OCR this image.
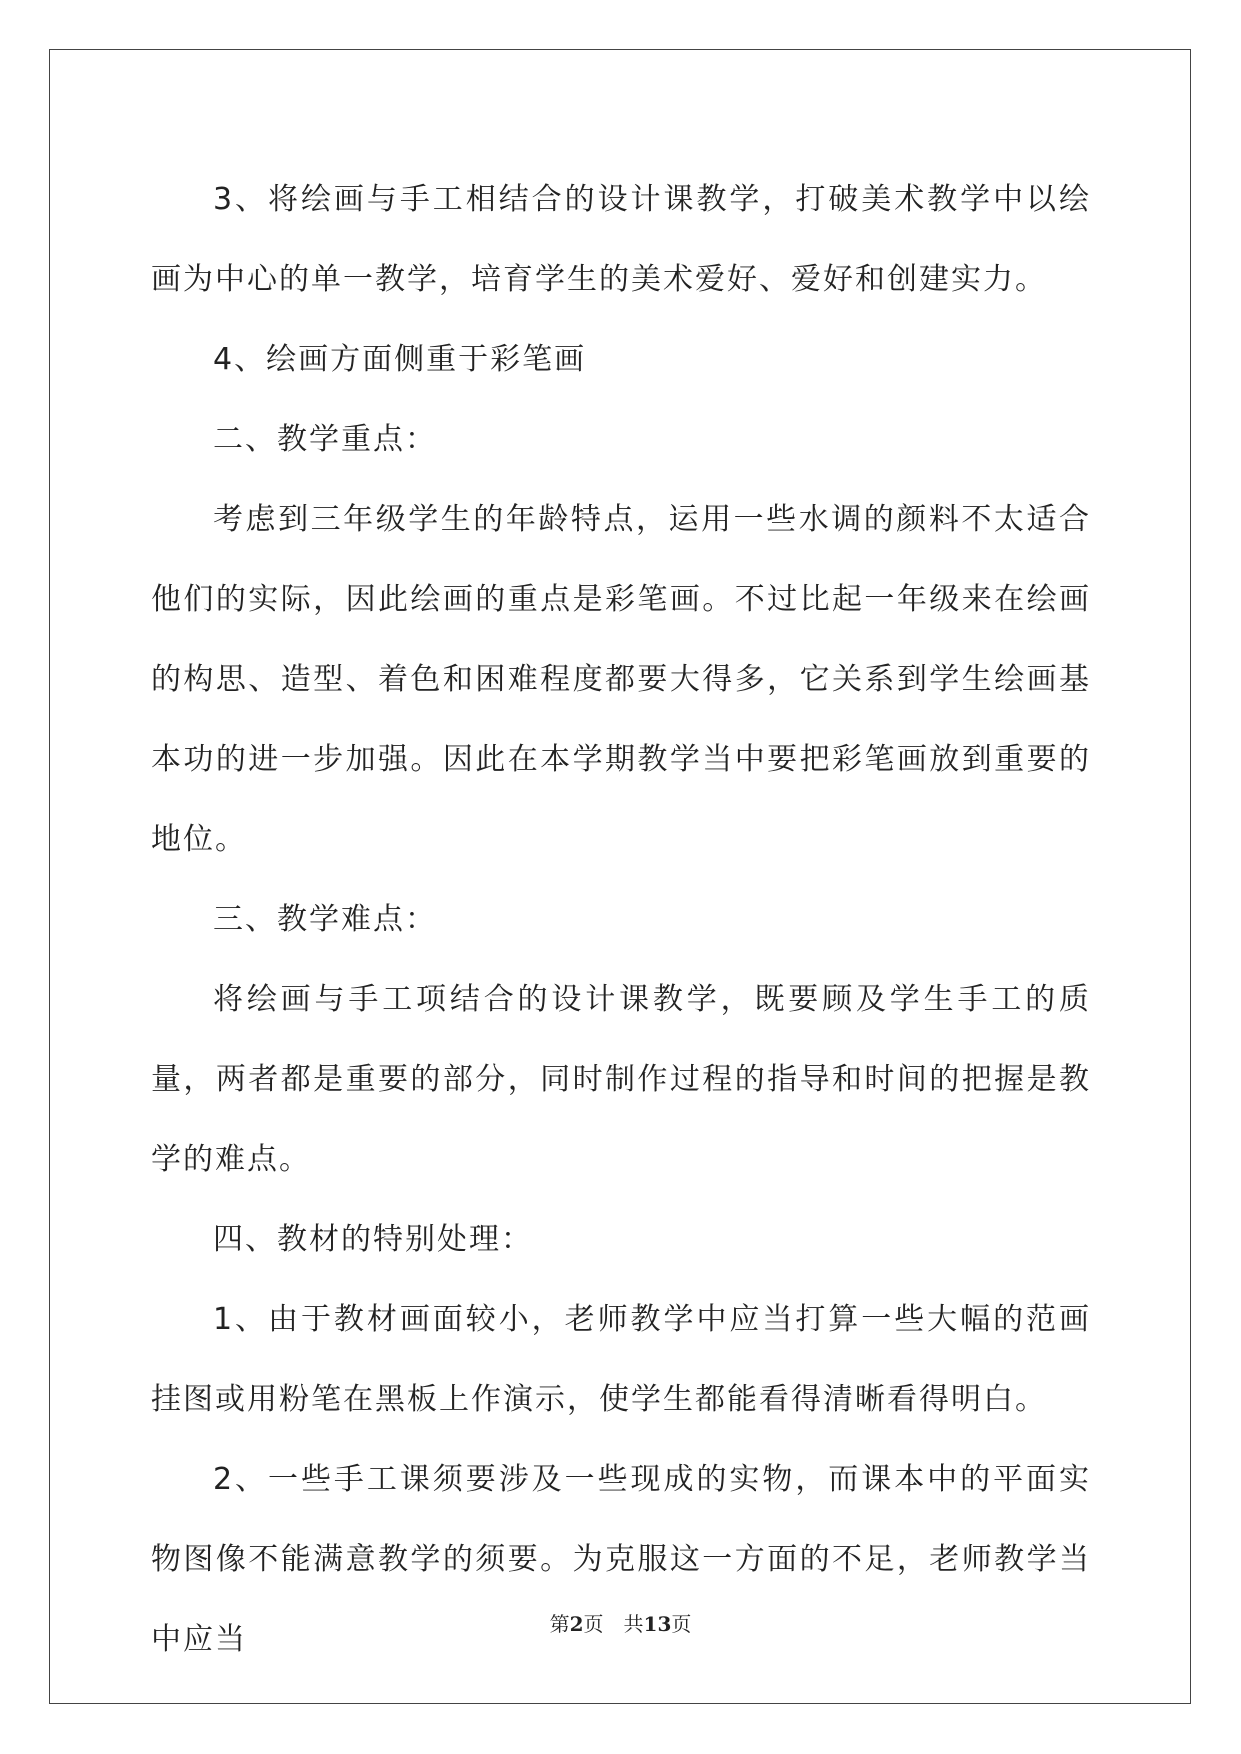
3、将绘画与手工相结合的设计课教学，打破美术教学中以绘画为中心的单一教学，培育学生的美术爱好、爱好和创建实力。

4、绘画方面侧重于彩笔画

二、教学重点：

考虑到三年级学生的年龄特点，运用一些水调的颜料不太适合他们的实际，因此绘画的重点是彩笔画。不过比起一年级来在绘画的构思、造型、着色和困难程度都要大得多，它关系到学生绘画基本功的进一步加强。因此在本学期教学当中要把彩笔画放到重要的地位。

三、教学难点：

将绘画与手工项结合的设计课教学，既要顾及学生手工的质量，两者都是重要的部分，同时制作过程的指导和时间的把握是教学的难点。

四、教材的特别处理：

1、由于教材画面较小，老师教学中应当打算一些大幅的范画挂图或用粉笔在黑板上作演示，使学生都能看得清晰看得明白。

2、一些手工课须要涉及一些现成的实物，而课本中的平面实物图像不能满意教学的须要。为克服这一方面的不足，老师教学当中应当	第2页 共13页
